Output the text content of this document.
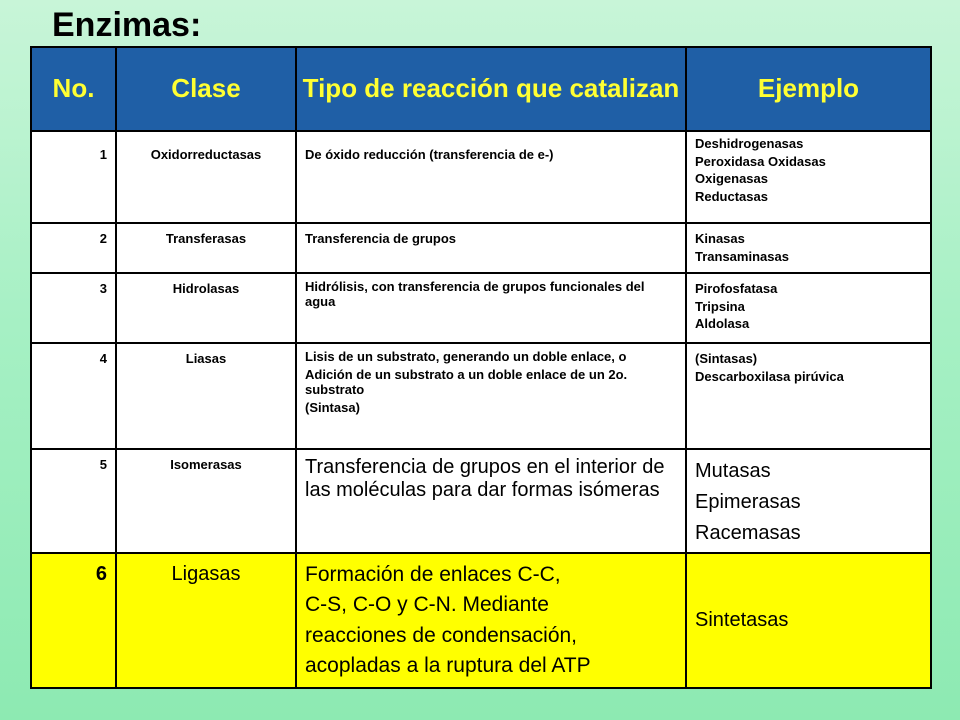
Enzimas:
No.	Clase	Tipo de reacción que catalizan	Ejemplo
1	Oxidorreductasas	De óxido reducción (transferencia de e-)	Deshidrogenasas
Peroxidasa Oxidasas
Oxigenasas
Reductasas

2	Transferasas	Transferencia de grupos	Kinasas
Transaminasas

3	Hidrolasas	Hidrólisis, con transferencia de grupos funcionales del agua	Pirofosfatasa
Tripsina
Aldolasa

4	Liasas	Lisis de un substrato, generando un doble enlace, o
Adición de un substrato a un doble enlace de un 2o. substrato
(Sintasa)	(Sintasas)
Descarboxilasa pirúvica

5	Isomerasas	Transferencia de grupos en el interior de las moléculas para dar formas isómeras	Mutasas
Epimerasas
Racemasas

6	Ligasas	Formación de enlaces C-C,
C-S, C-O y C-N. Mediante
reacciones de condensación,
acopladas a la ruptura del ATP	Sintetasas
